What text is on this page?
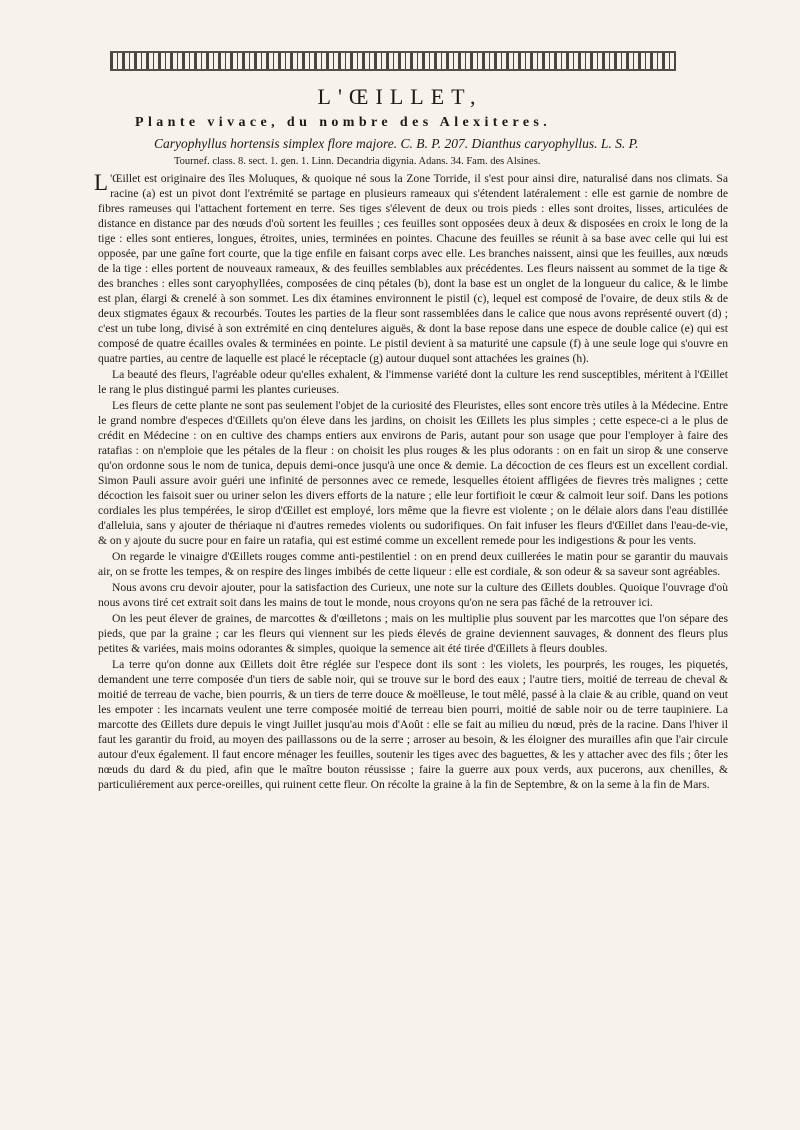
L'ŒILLET,
Plante vivace, du nombre des Alexiteres.
Caryophyllus hortensis simplex flore majore. C. B. P. 207. Dianthus caryophyllus. L. S. P.
Tournef. class. 8. sect. 1. gen. 1. Linn. Decandria digynia. Adans. 34. Fam. des Alsines.

L 'Œillet est originaire des îles Moluques, & quoique né sous la Zone Torride, il s'est pour ainsi dire, naturalisé dans nos climats. Sa racine (a) est un pivot dont l'extrémité se partage en plusieurs rameaux qui s'étendent latéralement : elle est garnie de nombre de fibres rameuses qui l'attachent fortement en terre. Ses tiges s'élevent de deux ou trois pieds : elles sont droites, lisses, articulées de distance en distance par des nœuds d'où sortent les feuilles ; ces feuilles sont opposées deux à deux & disposées en croix le long de la tige : elles sont entieres, longues, étroites, unies, terminées en pointes. Chacune des feuilles se réunit à sa base avec celle qui lui est opposée, par une gaîne fort courte, que la tige enfile en faisant corps avec elle. Les branches naissent, ainsi que les feuilles, aux nœuds de la tige : elles portent de nouveaux rameaux, & des feuilles semblables aux précédentes. Les fleurs naissent au sommet de la tige & des branches : elles sont caryophyllées, composées de cinq pétales (b), dont la base est un onglet de la longueur du calice, & le limbe est plan, élargi & crenelé à son sommet. Les dix étamines environnent le pistil (c), lequel est composé de l'ovaire, de deux stils & de deux stigmates égaux & recourbés. Toutes les parties de la fleur sont rassemblées dans le calice que nous avons représenté ouvert (d) ; c'est un tube long, divisé à son extrémité en cinq dentelures aiguës, & dont la base repose dans une espece de double calice (e) qui est composé de quatre écailles ovales & terminées en pointe. Le pistil devient à sa maturité une capsule (f) à une seule loge qui s'ouvre en quatre parties, au centre de laquelle est placé le réceptacle (g) autour duquel sont attachées les graines (h).

La beauté des fleurs, l'agréable odeur qu'elles exhalent, & l'immense variété dont la culture les rend susceptibles, méritent à l'Œillet le rang le plus distingué parmi les plantes curieuses.

Les fleurs de cette plante ne sont pas seulement l'objet de la curiosité des Fleuristes, elles sont encore très utiles à la Médecine. Entre le grand nombre d'especes d'Œillets qu'on éleve dans les jardins, on choisit les Œillets les plus simples ; cette espece-ci a le plus de crédit en Médecine : on en cultive des champs entiers aux environs de Paris, autant pour son usage que pour l'employer à faire des ratafias : on n'emploie que les pétales de la fleur : on choisit les plus rouges & les plus odorants : on en fait un sirop & une conserve qu'on ordonne sous le nom de tunica, depuis demi-once jusqu'à une once & demie. La décoction de ces fleurs est un excellent cordial. Simon Pauli assure avoir guéri une infinité de personnes avec ce remede, lesquelles étoient affligées de fievres très malignes ; cette décoction les faisoit suer ou uriner selon les divers efforts de la nature ; elle leur fortifioit le cœur & calmoit leur soif. Dans les potions cordiales les plus tempérées, le sirop d'Œillet est employé, lors même que la fievre est violente ; on le délaie alors dans l'eau distillée d'alleluia, sans y ajouter de thériaque ni d'autres remedes violents ou sudorifiques. On fait infuser les fleurs d'Œillet dans l'eau-de-vie, & on y ajoute du sucre pour en faire un ratafia, qui est estimé comme un excellent remede pour les indigestions & pour les vents.

On regarde le vinaigre d'Œillets rouges comme anti-pestilentiel : on en prend deux cuillerées le matin pour se garantir du mauvais air, on se frotte les tempes, & on respire des linges imbibés de cette liqueur : elle est cordiale, & son odeur & sa saveur sont agréables.

Nous avons cru devoir ajouter, pour la satisfaction des Curieux, une note sur la culture des Œillets doubles. Quoique l'ouvrage d'où nous avons tiré cet extrait soit dans les mains de tout le monde, nous croyons qu'on ne sera pas fâché de la retrouver ici.

On les peut élever de graines, de marcottes & d'œilletons ; mais on les multiplie plus souvent par les marcottes que l'on sépare des pieds, que par la graine ; car les fleurs qui viennent sur les pieds élevés de graine deviennent sauvages, & donnent des fleurs plus petites & variées, mais moins odorantes & simples, quoique la semence ait été tirée d'Œillets à fleurs doubles.

La terre qu'on donne aux Œillets doit être réglée sur l'espece dont ils sont : les violets, les pourprés, les rouges, les piquetés, demandent une terre composée d'un tiers de sable noir, qui se trouve sur le bord des eaux ; l'autre tiers, moitié de terreau de cheval & moitié de terreau de vache, bien pourris, & un tiers de terre douce & moëlleuse, le tout mêlé, passé à la claie & au crible, quand on veut les empoter : les incarnats veulent une terre composée moitié de terreau bien pourri, moitié de sable noir ou de terre taupiniere. La marcotte des Œillets dure depuis le vingt Juillet jusqu'au mois d'Août : elle se fait au milieu du nœud, près de la racine. Dans l'hiver il faut les garantir du froid, au moyen des paillassons ou de la serre ; arroser au besoin, & les éloigner des murailles afin que l'air circule autour d'eux également. Il faut encore ménager les feuilles, soutenir les tiges avec des baguettes, & les y attacher avec des fils ; ôter les nœuds du dard & du pied, afin que le maître bouton réussisse ; faire la guerre aux poux verds, aux pucerons, aux chenilles, & particuliérement aux perce-oreilles, qui ruinent cette fleur. On récolte la graine à la fin de Septembre, & on la seme à la fin de Mars.
